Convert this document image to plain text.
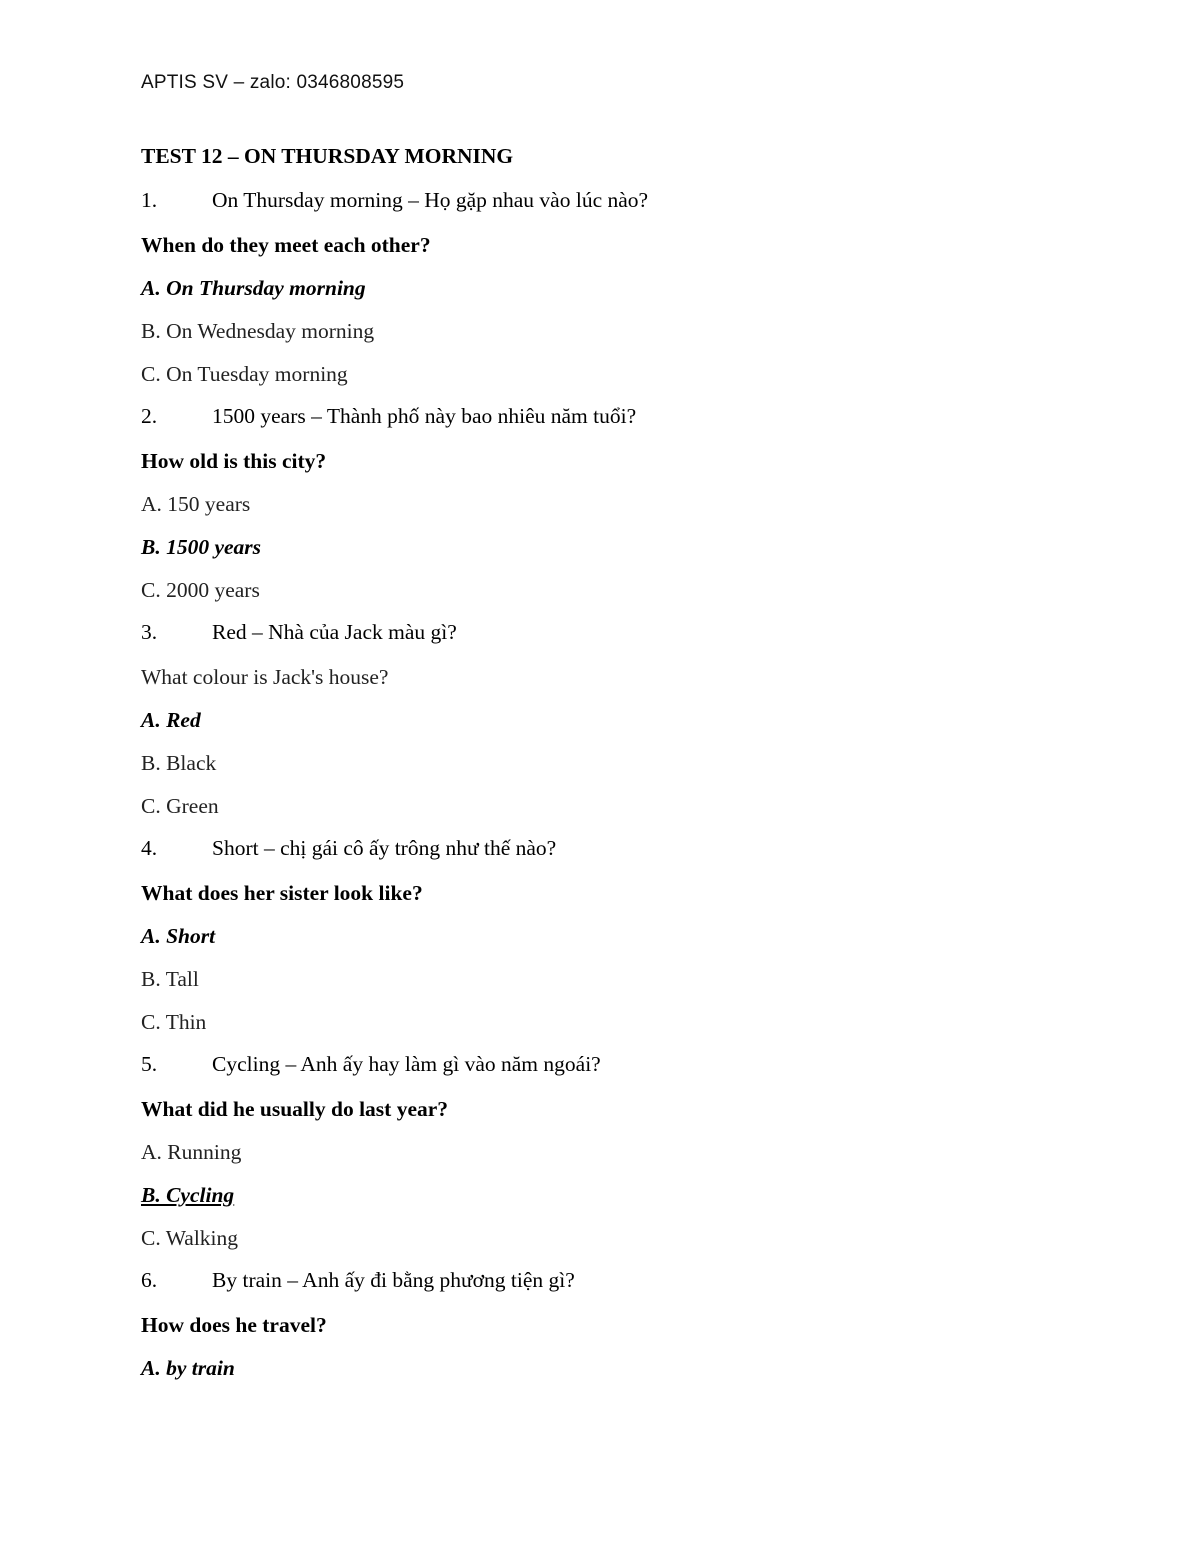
APTIS SV – zalo: 0346808595
TEST 12 – ON THURSDAY MORNING
1.	On Thursday morning – Họ gặp nhau vào lúc nào?
When do they meet each other?
A. On Thursday morning
B. On Wednesday morning
C. On Tuesday morning
2.	1500 years – Thành phố này bao nhiêu năm tuổi?
How old is this city?
A. 150 years
B. 1500 years
C. 2000 years
3.	Red – Nhà của Jack màu gì?
What colour is Jack's house?
A. Red
B. Black
C. Green
4.	Short – chị gái cô ấy trông như thế nào?
What does her sister look like?
A. Short
B. Tall
C. Thin
5.	Cycling – Anh ấy hay làm gì vào năm ngoái?
What did he usually do last year?
A. Running
B. Cycling
C. Walking
6.	By train – Anh ấy đi bằng phương tiện gì?
How does he travel?
A. by train
